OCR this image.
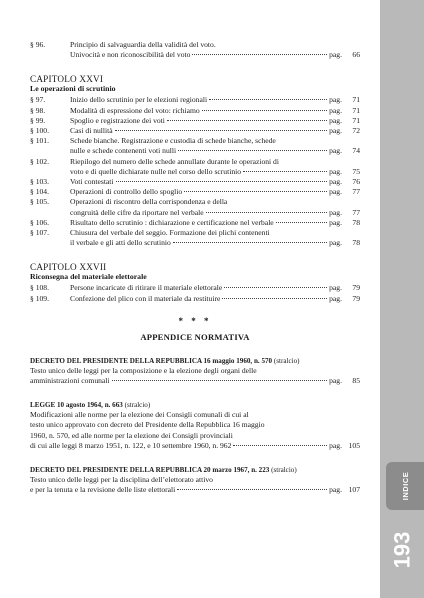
§ 96.	Principio di salvaguardia della validità del voto.
Univocità e non riconoscibilità del voto	pag.	66
CAPITOLO XXVI
Le operazioni di scrutinio
§ 97.	Inizio dello scrutinio per le elezioni regionali	pag.	71
§ 98.	Modalità di espressione del voto: richiamo	pag.	71
§ 99.	Spoglio e registrazione dei voti	pag.	71
§ 100.	Casi di nullità	pag.	72
§ 101.	Schede bianche. Registrazione e custodia di schede bianche, schede
nulle e schede contenenti voti nulli	pag.	74
§ 102.	Riepilogo del numero delle schede annullate durante le operazioni di
voto e di quelle dichiarate nulle nel corso dello scrutinio	pag.	75
§ 103.	Voti contestati	pag.	76
§ 104.	Operazioni di controllo dello spoglio	pag.	77
§ 105.	Operazioni di riscontro della corrispondenza e della
congruità delle cifre da riportare nel verbale	pag.	77
§ 106.	Risultato dello scrutinio : dichiarazione e certificazione nel verbale	pag.	78
§ 107.	Chiusura del verbale del seggio. Formazione dei plichi contenenti
il verbale e gli atti dello scrutinio	pag.	78
CAPITOLO XXVII
Riconsegna del materiale elettorale
§ 108.	Persone incaricate di ritirare il materiale elettorale	pag.	79
§ 109.	Confezione del plico con il materiale da restituire	pag.	79
* * *
APPENDICE NORMATIVA
DECRETO DEL PRESIDENTE DELLA REPUBBLICA 16 maggio 1960, n. 570 (stralcio)
Testo unico delle leggi per la composizione e la elezione degli organi delle
amministrazioni comunali	pag.	85
LEGGE 10 agosto 1964, n. 663 (stralcio)
Modificazioni alle norme per la elezione dei Consigli comunali di cui al
testo unico approvato con decreto del Presidente della Repubblica 16 maggio
1960, n. 570, ed alle norme per la elezione dei Consigli provinciali
di cui alle leggi 8 marzo 1951, n. 122, e 10 settembre 1960, n. 962	pag. 105
DECRETO DEL PRESIDENTE DELLA REPUBBLICA 20 marzo 1967, n. 223 (stralcio)
Testo unico delle leggi per la disciplina dell’elettorato attivo
e per la tenuta e la revisione delle liste elettorali	pag. 107	INDICE
193
